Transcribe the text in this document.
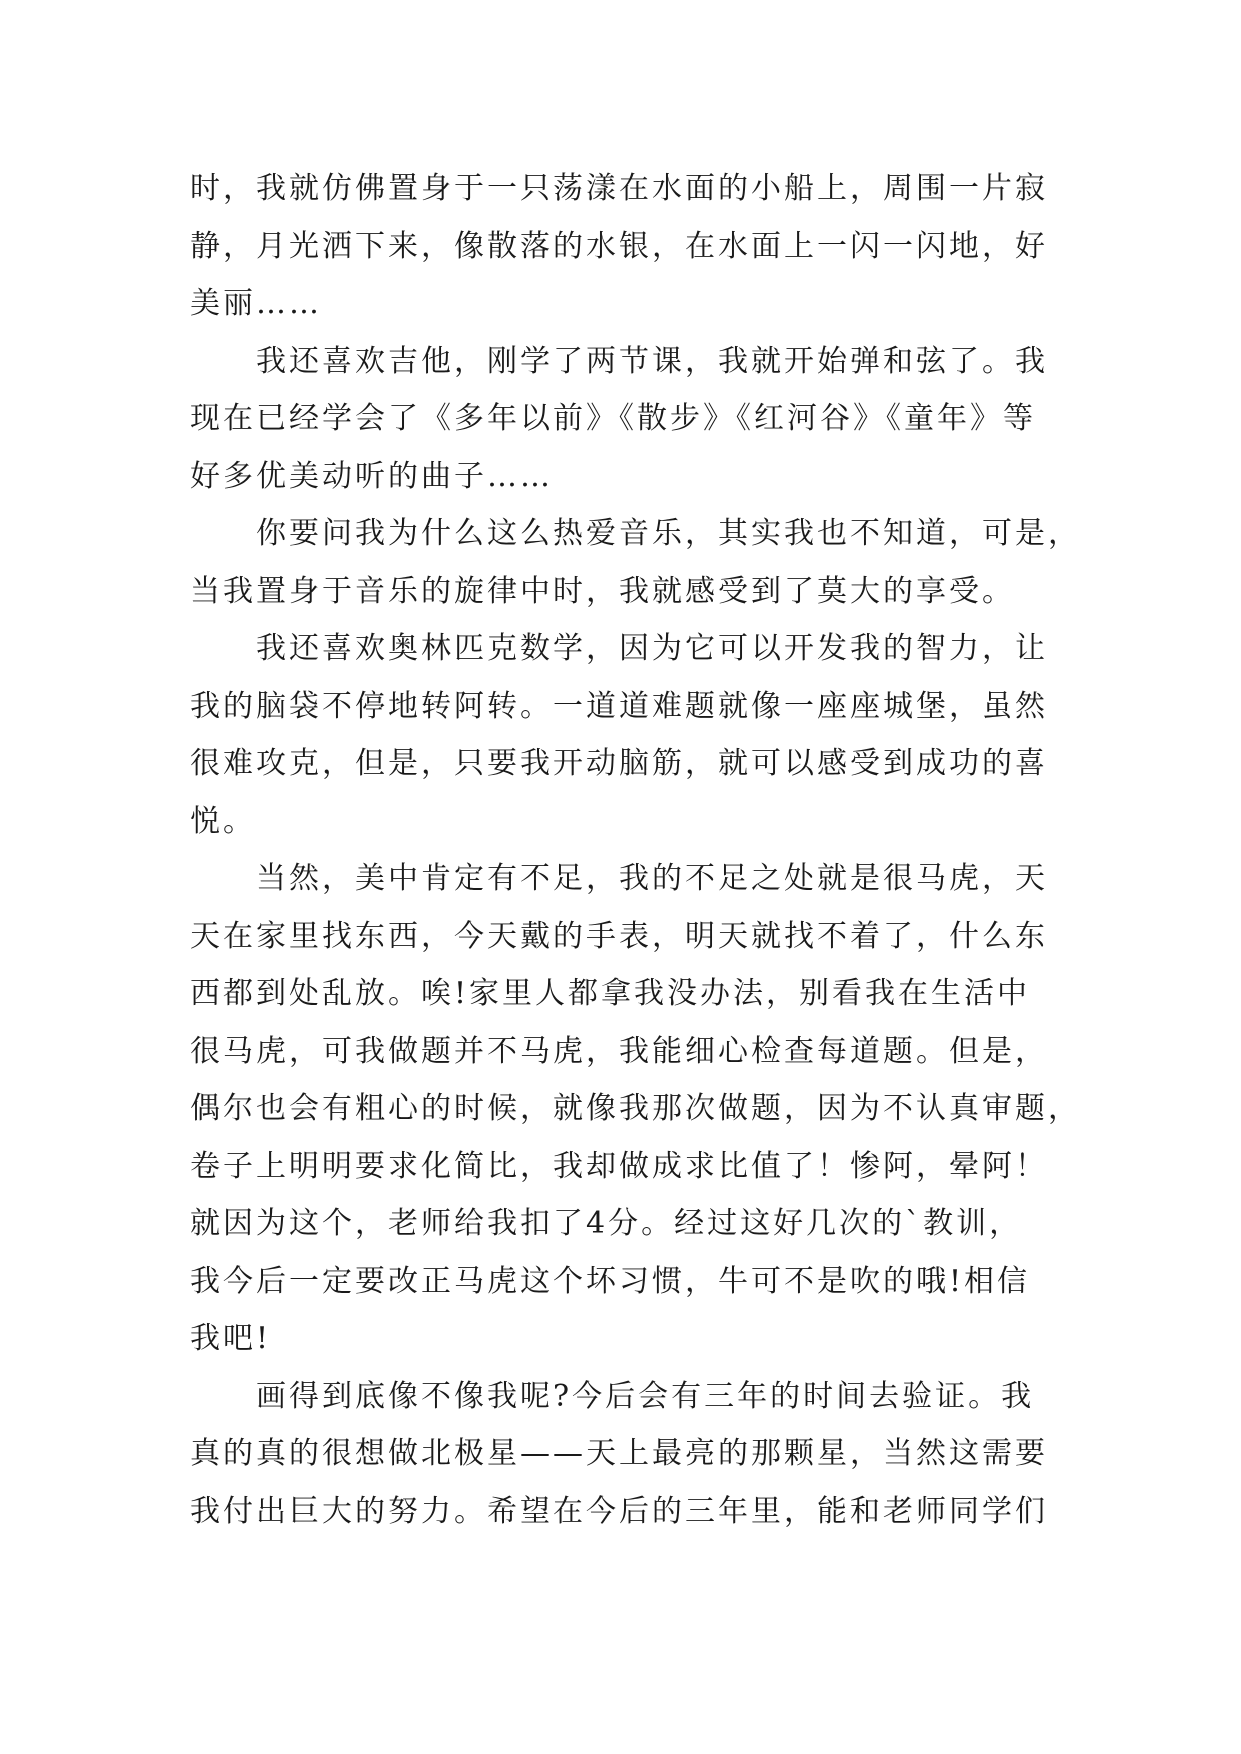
时，我就仿佛置身于一只荡漾在水面的小船上，周围一片寂
静，月光洒下来，像散落的水银，在水面上一闪一闪地，好
美丽……
　　我还喜欢吉他，刚学了两节课，我就开始弹和弦了。我
现在已经学会了《多年以前》《散步》《红河谷》《童年》等
好多优美动听的曲子……
　　你要问我为什么这么热爱音乐，其实我也不知道，可是，
当我置身于音乐的旋律中时，我就感受到了莫大的享受。
　　我还喜欢奥林匹克数学，因为它可以开发我的智力，让
我的脑袋不停地转阿转。一道道难题就像一座座城堡，虽然
很难攻克，但是，只要我开动脑筋，就可以感受到成功的喜
悦。
　　当然，美中肯定有不足，我的不足之处就是很马虎，天
天在家里找东西，今天戴的手表，明天就找不着了，什么东
西都到处乱放。唉!家里人都拿我没办法，别看我在生活中
很马虎，可我做题并不马虎，我能细心检查每道题。但是，
偶尔也会有粗心的时候，就像我那次做题，因为不认真审题，
卷子上明明要求化简比，我却做成求比值了！惨阿，晕阿！
就因为这个，老师给我扣了4分。经过这好几次的`教训，
我今后一定要改正马虎这个坏习惯，牛可不是吹的哦!相信
我吧!
　　画得到底像不像我呢?今后会有三年的时间去验证。我
真的真的很想做北极星——天上最亮的那颗星，当然这需要
我付出巨大的努力。希望在今后的三年里，能和老师同学们
